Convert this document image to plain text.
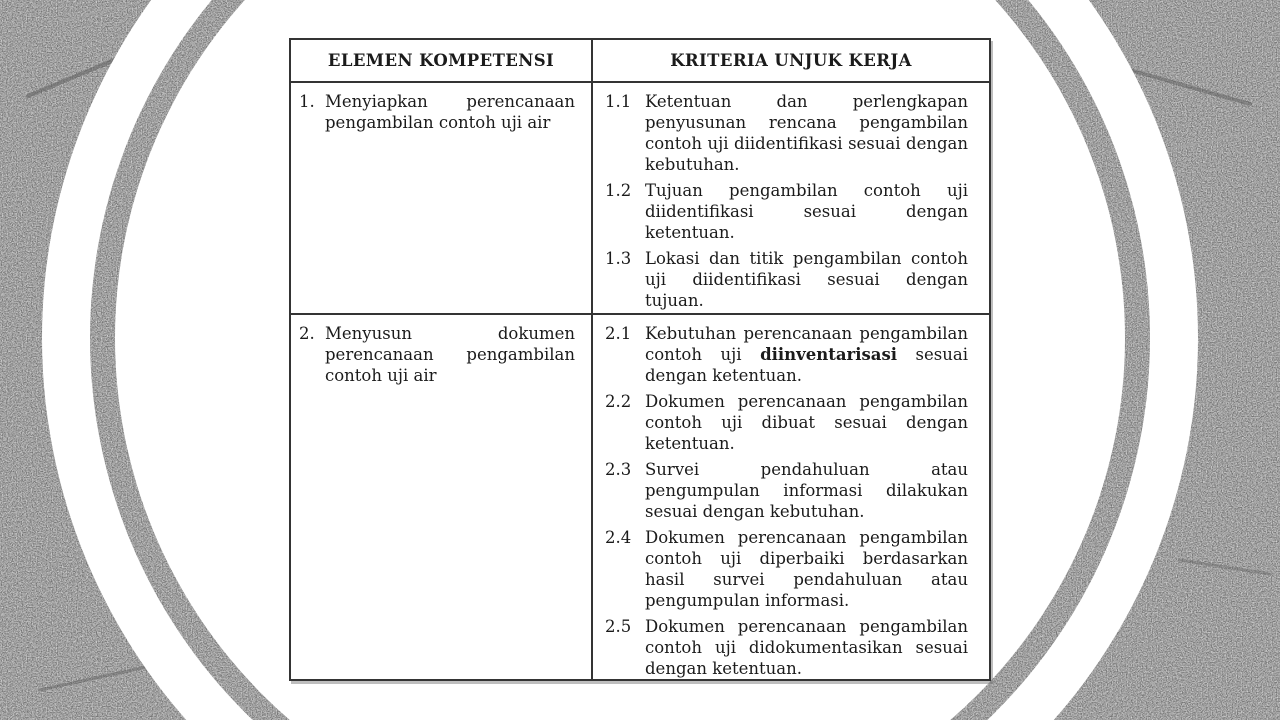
ELEMEN KOMPETENSI	KRITERIA UNJUK KERJA
1. Menyiapkan perencanaan pengambilan contoh uji air
1.1 Ketentuan dan perlengkapan penyusunan rencana pengambilan contoh uji diidentifikasi sesuai dengan kebutuhan.
1.2 Tujuan pengambilan contoh uji diidentifikasi sesuai dengan ketentuan.
1.3 Lokasi dan titik pengambilan contoh uji diidentifikasi sesuai dengan tujuan.
2. Menyusun dokumen perencanaan pengambilan contoh uji air
2.1 Kebutuhan perencanaan pengambilan contoh uji diinventarisasi sesuai dengan ketentuan.
2.2 Dokumen perencanaan pengambilan contoh uji dibuat sesuai dengan ketentuan.
2.3 Survei pendahuluan atau pengumpulan informasi dilakukan sesuai dengan kebutuhan.
2.4 Dokumen perencanaan pengambilan contoh uji diperbaiki berdasarkan hasil survei pendahuluan atau pengumpulan informasi.
2.5 Dokumen perencanaan pengambilan contoh uji didokumentasikan sesuai dengan ketentuan.
